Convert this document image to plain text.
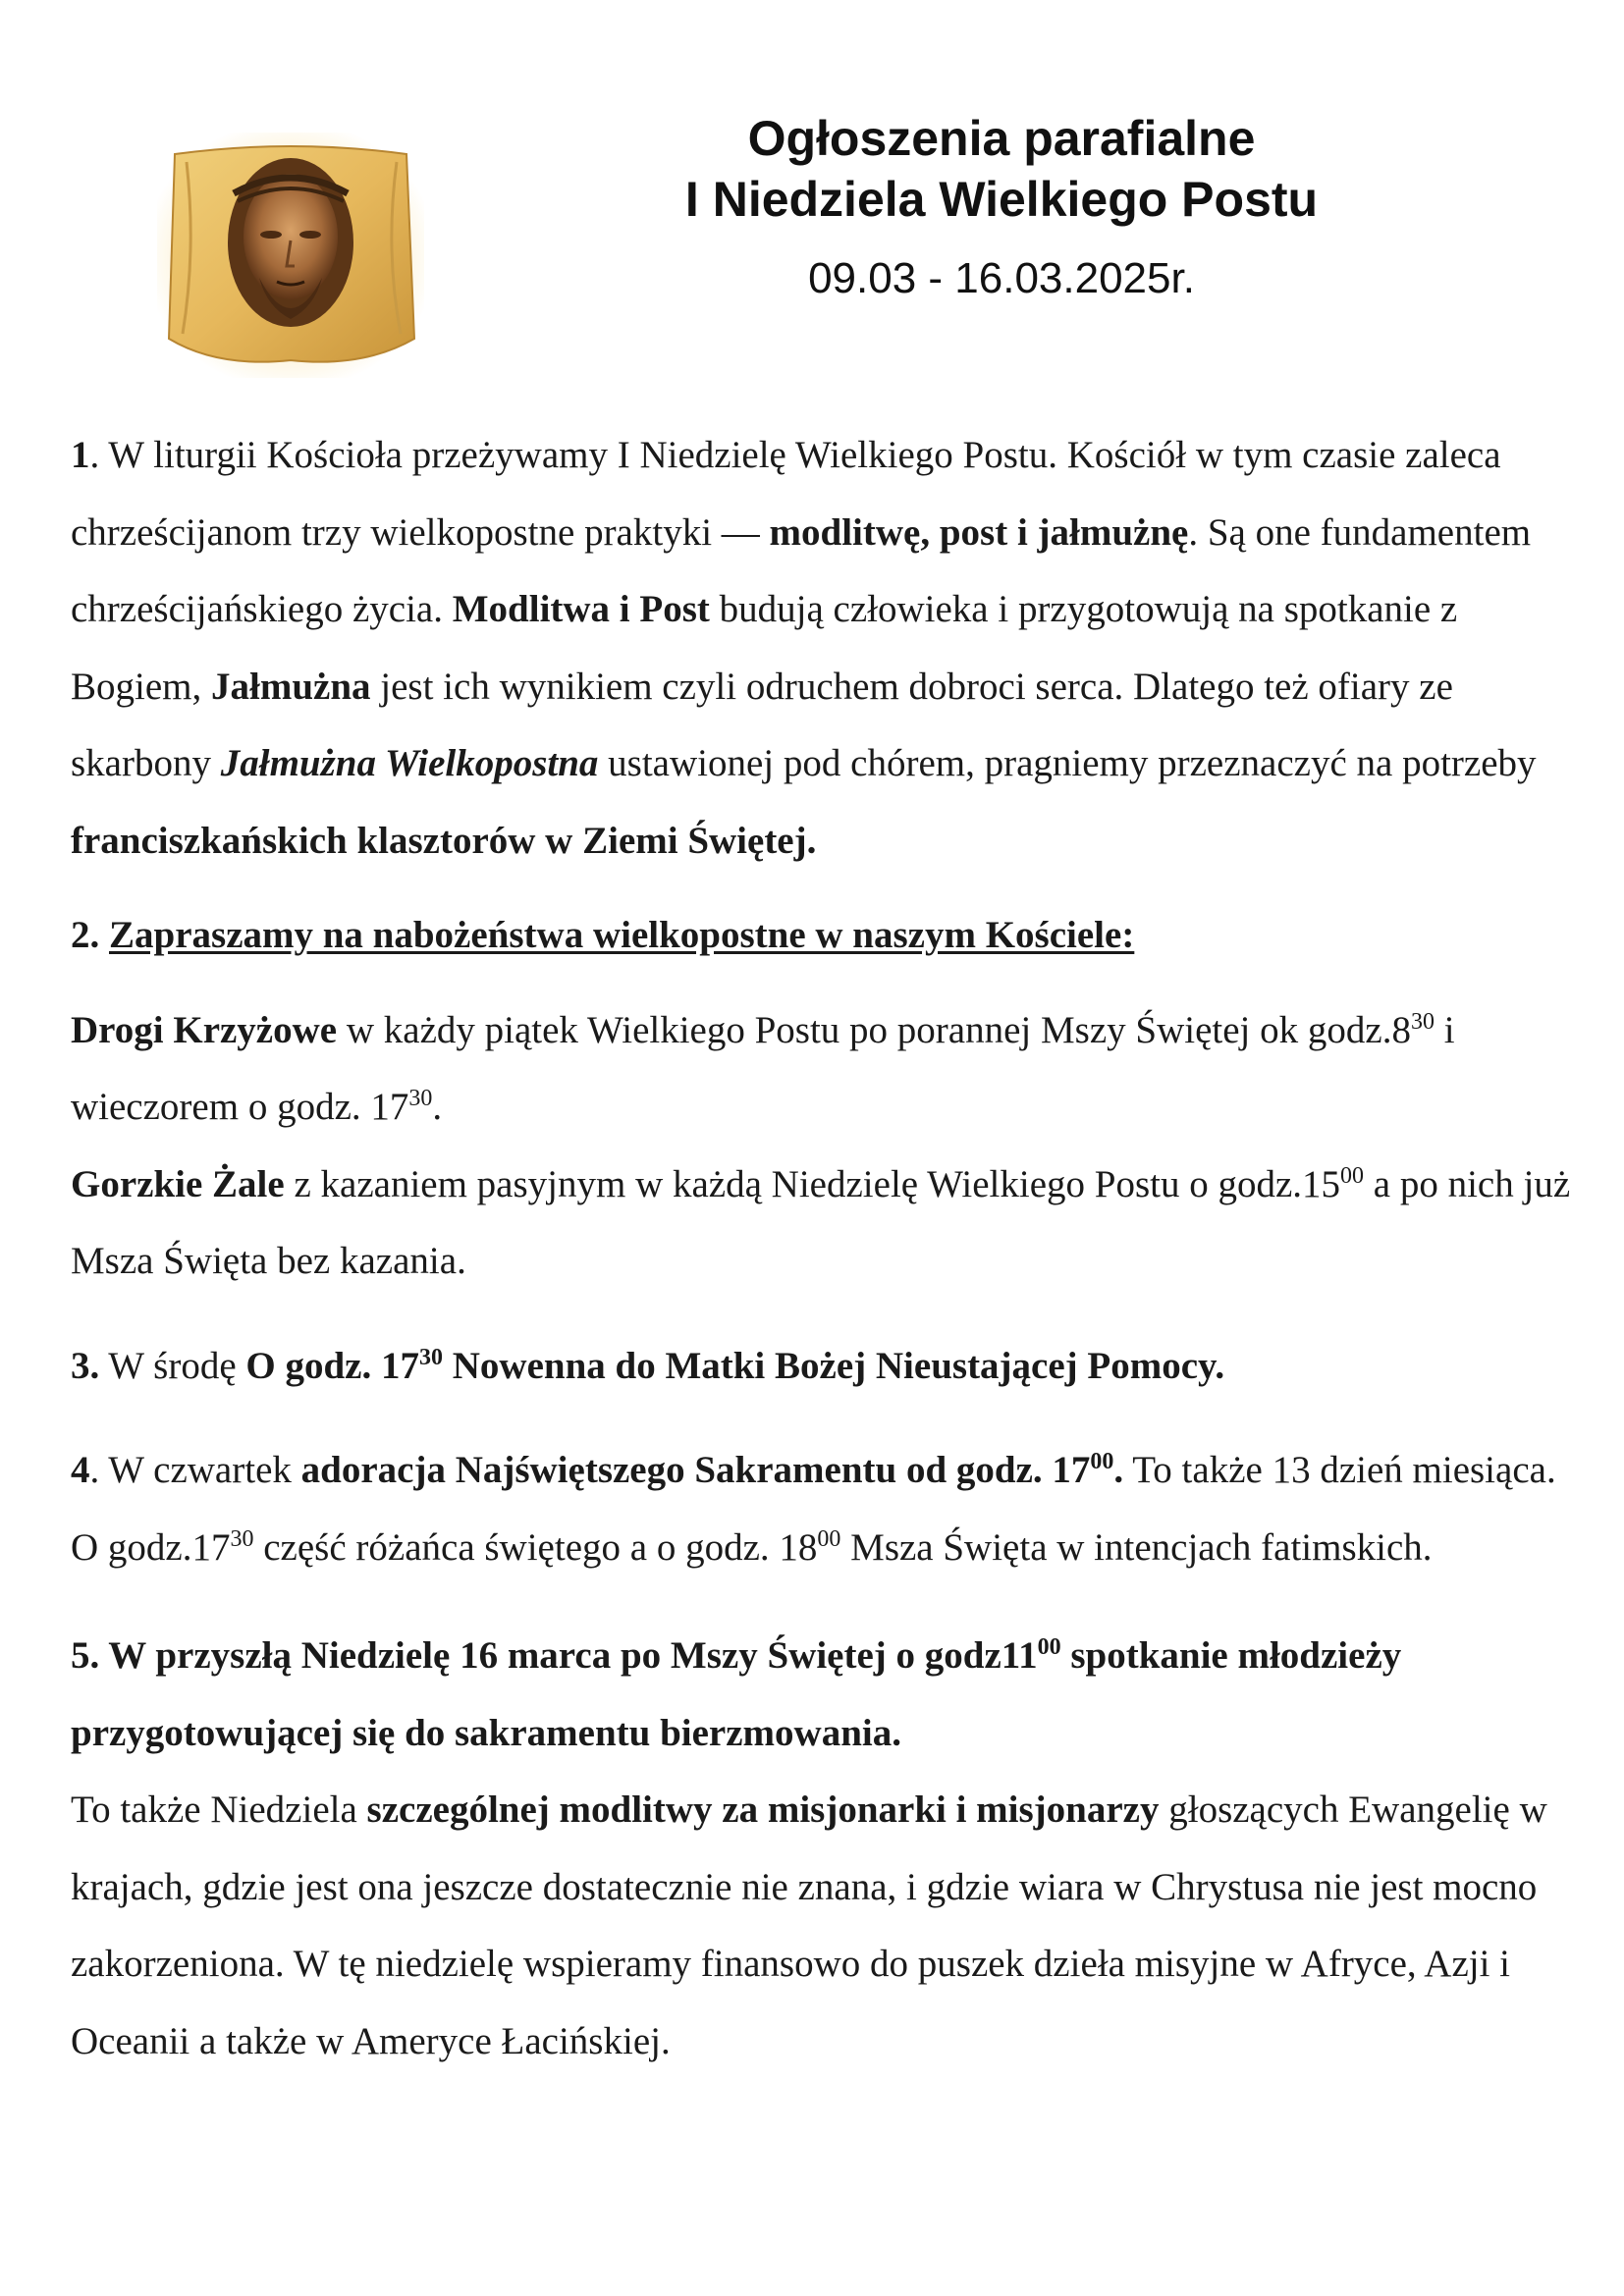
Ogłoszenia parafialne
I Niedziela Wielkiego Postu
09.03 - 16.03.2025r.

1. W liturgii Kościoła przeżywamy I Niedzielę Wielkiego Postu. Kościół w tym czasie zaleca chrześcijanom trzy wielkopostne praktyki — modlitwę, post i jałmużnę. Są one fundamentem chrześcijańskiego życia. Modlitwa i Post budują człowieka i przygotowują na spotkanie z Bogiem, Jałmużna jest ich wynikiem czyli odruchem dobroci serca. Dlatego też ofiary ze skarbony Jałmużna Wielkopostna ustawionej pod chórem, pragniemy przeznaczyć na potrzeby franciszkańskich klasztorów w Ziemi Świętej.

2. Zapraszamy na nabożeństwa wielkopostne w naszym Kościele:

Drogi Krzyżowe w każdy piątek Wielkiego Postu po porannej Mszy Świętej ok $godz.8^{30}$ i wieczorem o godz. $17^{30}$.

Gorzkie Żale z kazaniem pasyjnym w każdą Niedzielę Wielkiego Postu o $godz.15^{00}$ a po nich już Msza Święta bez kazania.

3. W środę O godz. $17^{30}$ Nowenna do Matki Bożej Nieustającej Pomocy.

4. W czwartek adoracja Najświętszego Sakramentu od godz. $17^{00}$. To także 13 dzień miesiąca. O $godz.17^{30}$ część różańca świętego a o godz. $18^{00}$ Msza Święta w intencjach fatimskich.

5. W przyszłą Niedzielę 16 marca po Mszy Świętej o $godz11^{00}$ spotkanie młodzieży przygotowującej się do sakramentu bierzmowania.

To także Niedziela szczególnej modlitwy za misjonarki i misjonarzy głoszących Ewangelię w krajach, gdzie jest ona jeszcze dostatecznie nie znana, i gdzie wiara w Chrystusa nie jest mocno zakorzeniona. W tę niedzielę wspieramy finansowo do puszek dzieła misyjne w Afryce, Azji i Oceanii a także w Ameryce Łacińskiej.
